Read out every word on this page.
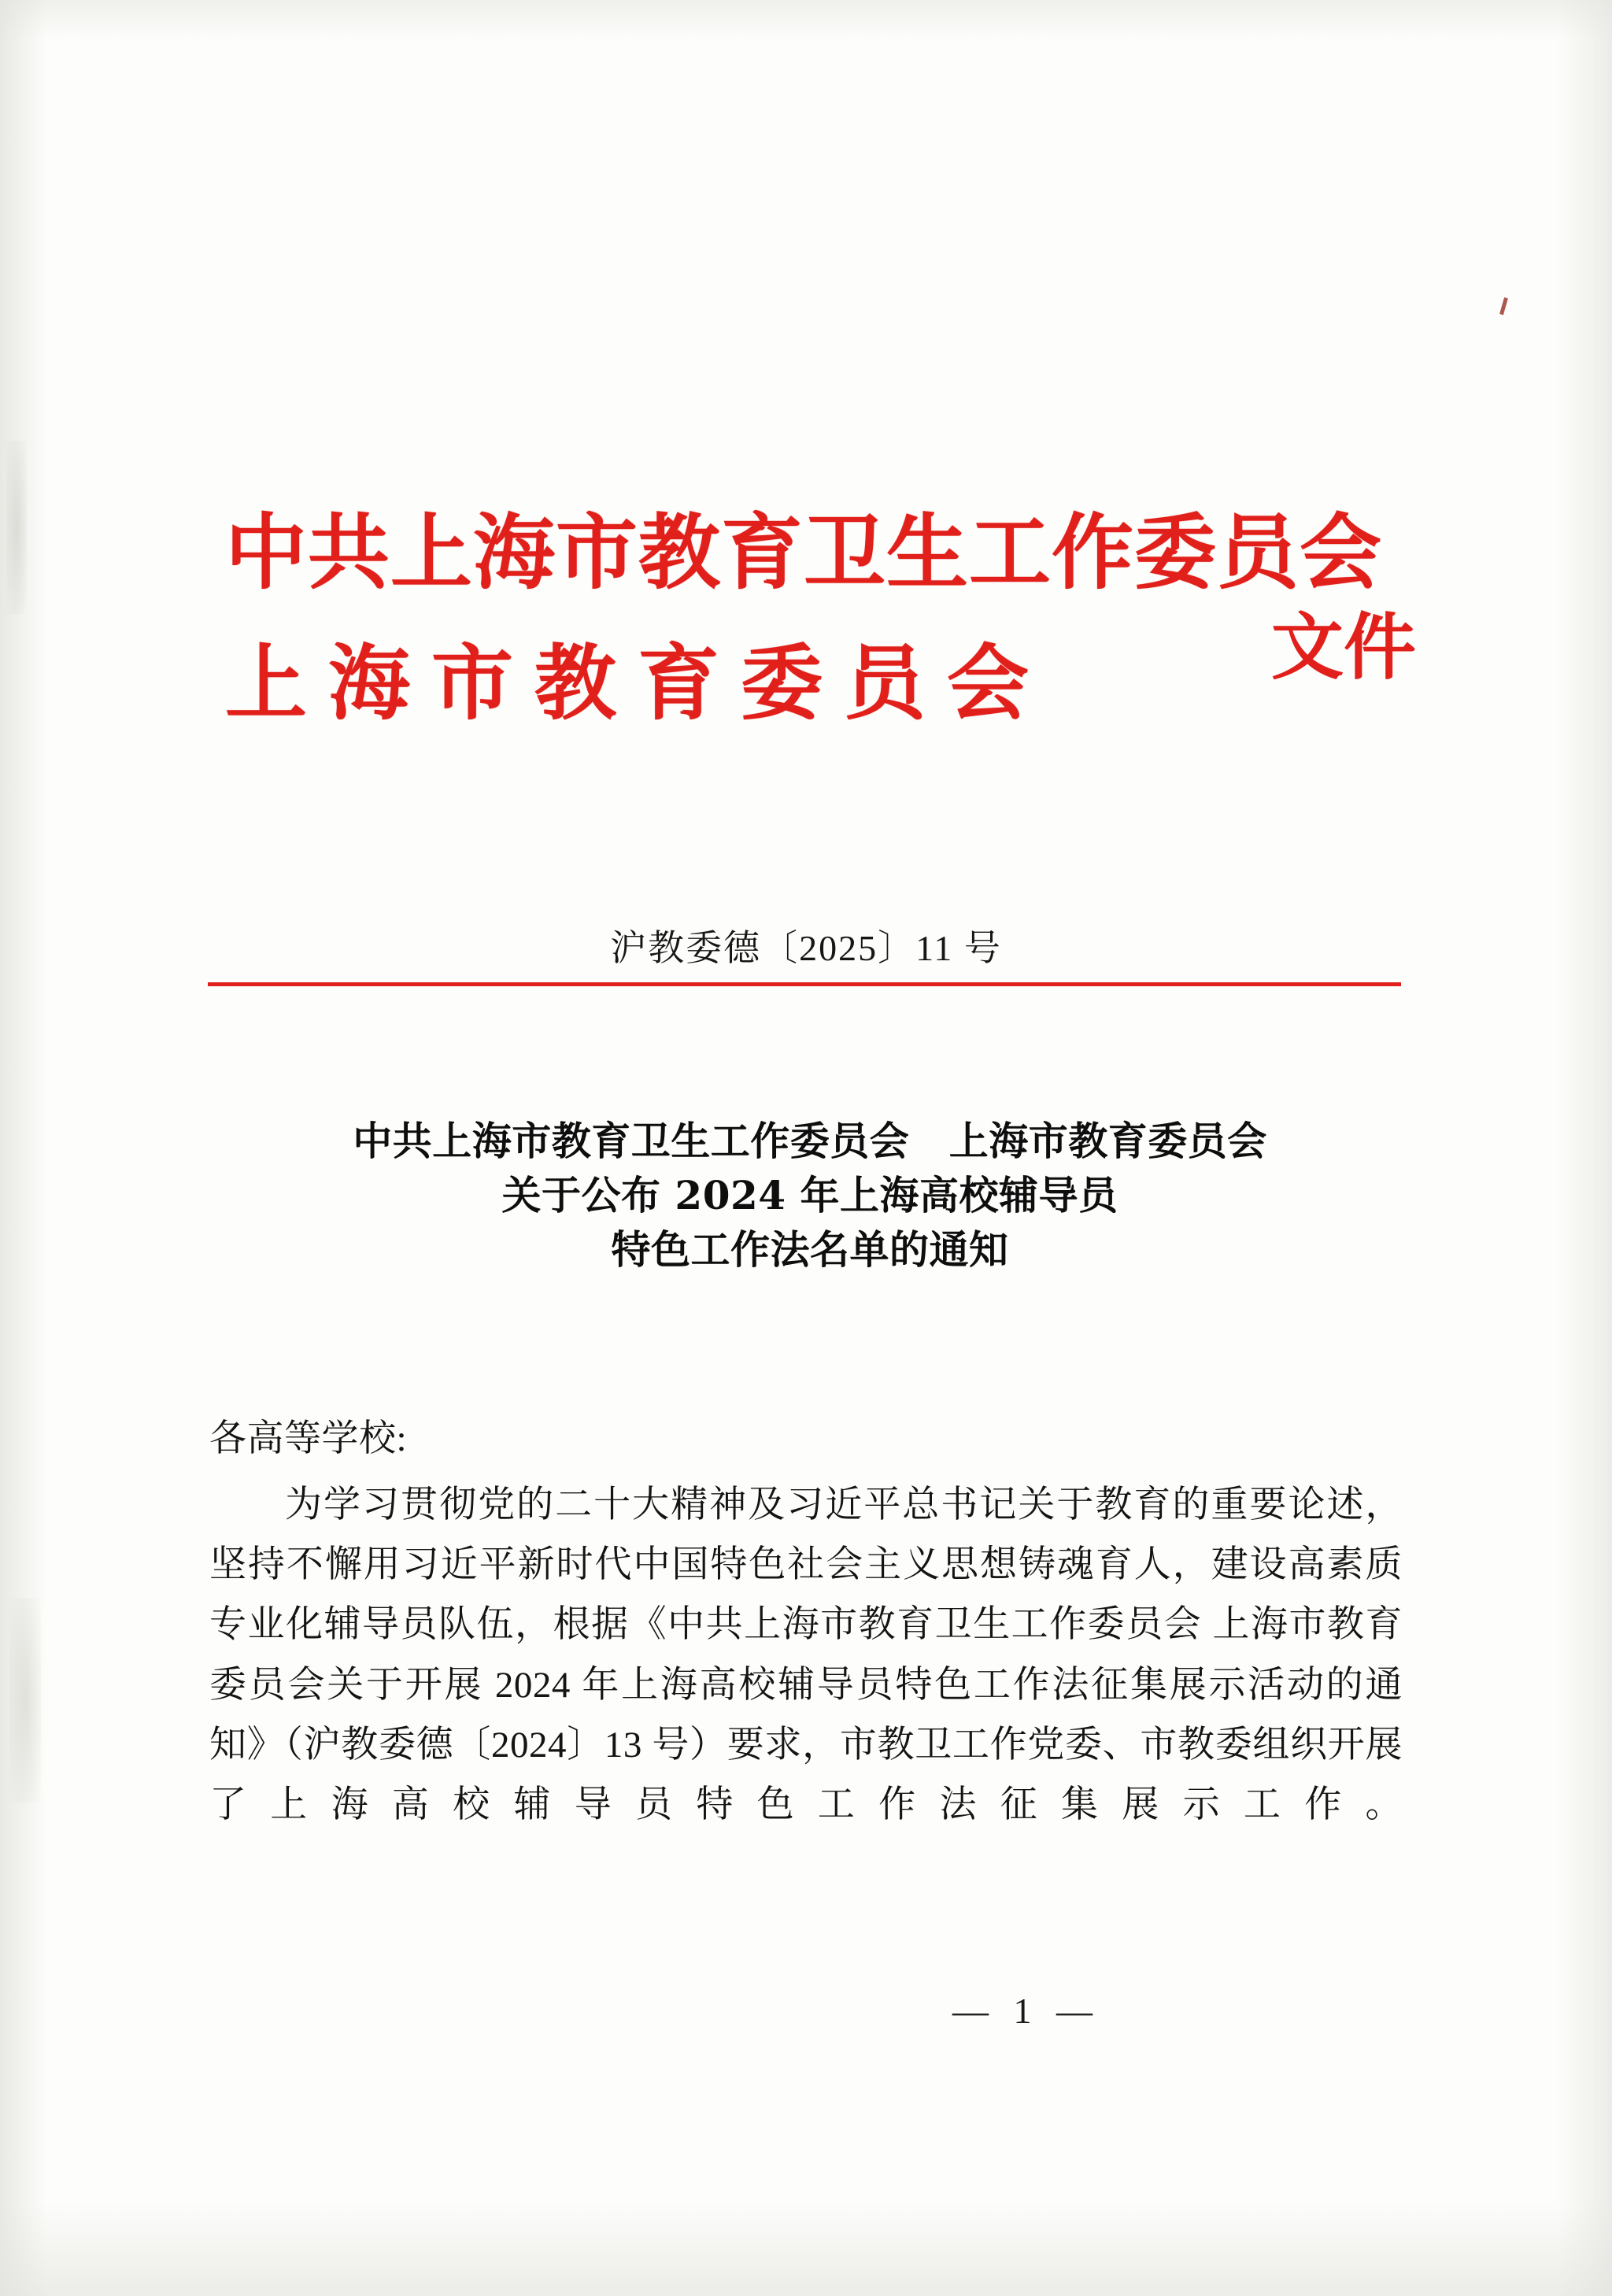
中共上海市教育卫生工作委员会
上海市教育委员会	文件
沪教委德〔2025〕11 号
中共上海市教育卫生工作委员会　上海市教育委员会
关于公布 2024 年上海高校辅导员
特色工作法名单的通知

各高等学校:

为学习贯彻党的二十大精神及习近平总书记关于教育的重要论述，坚持不懈用习近平新时代中国特色社会主义思想铸魂育人，建设高素质专业化辅导员队伍，根据《中共上海市教育卫生工作委员会 上海市教育委员会关于开展 2024 年上海高校辅导员特色工作法征集展示活动的通知》（沪教委德〔2024〕13 号）要求，市教卫工作党委、市教委组织开展了上海高校辅导员特色工作法征集展示工作。

— 1 —
